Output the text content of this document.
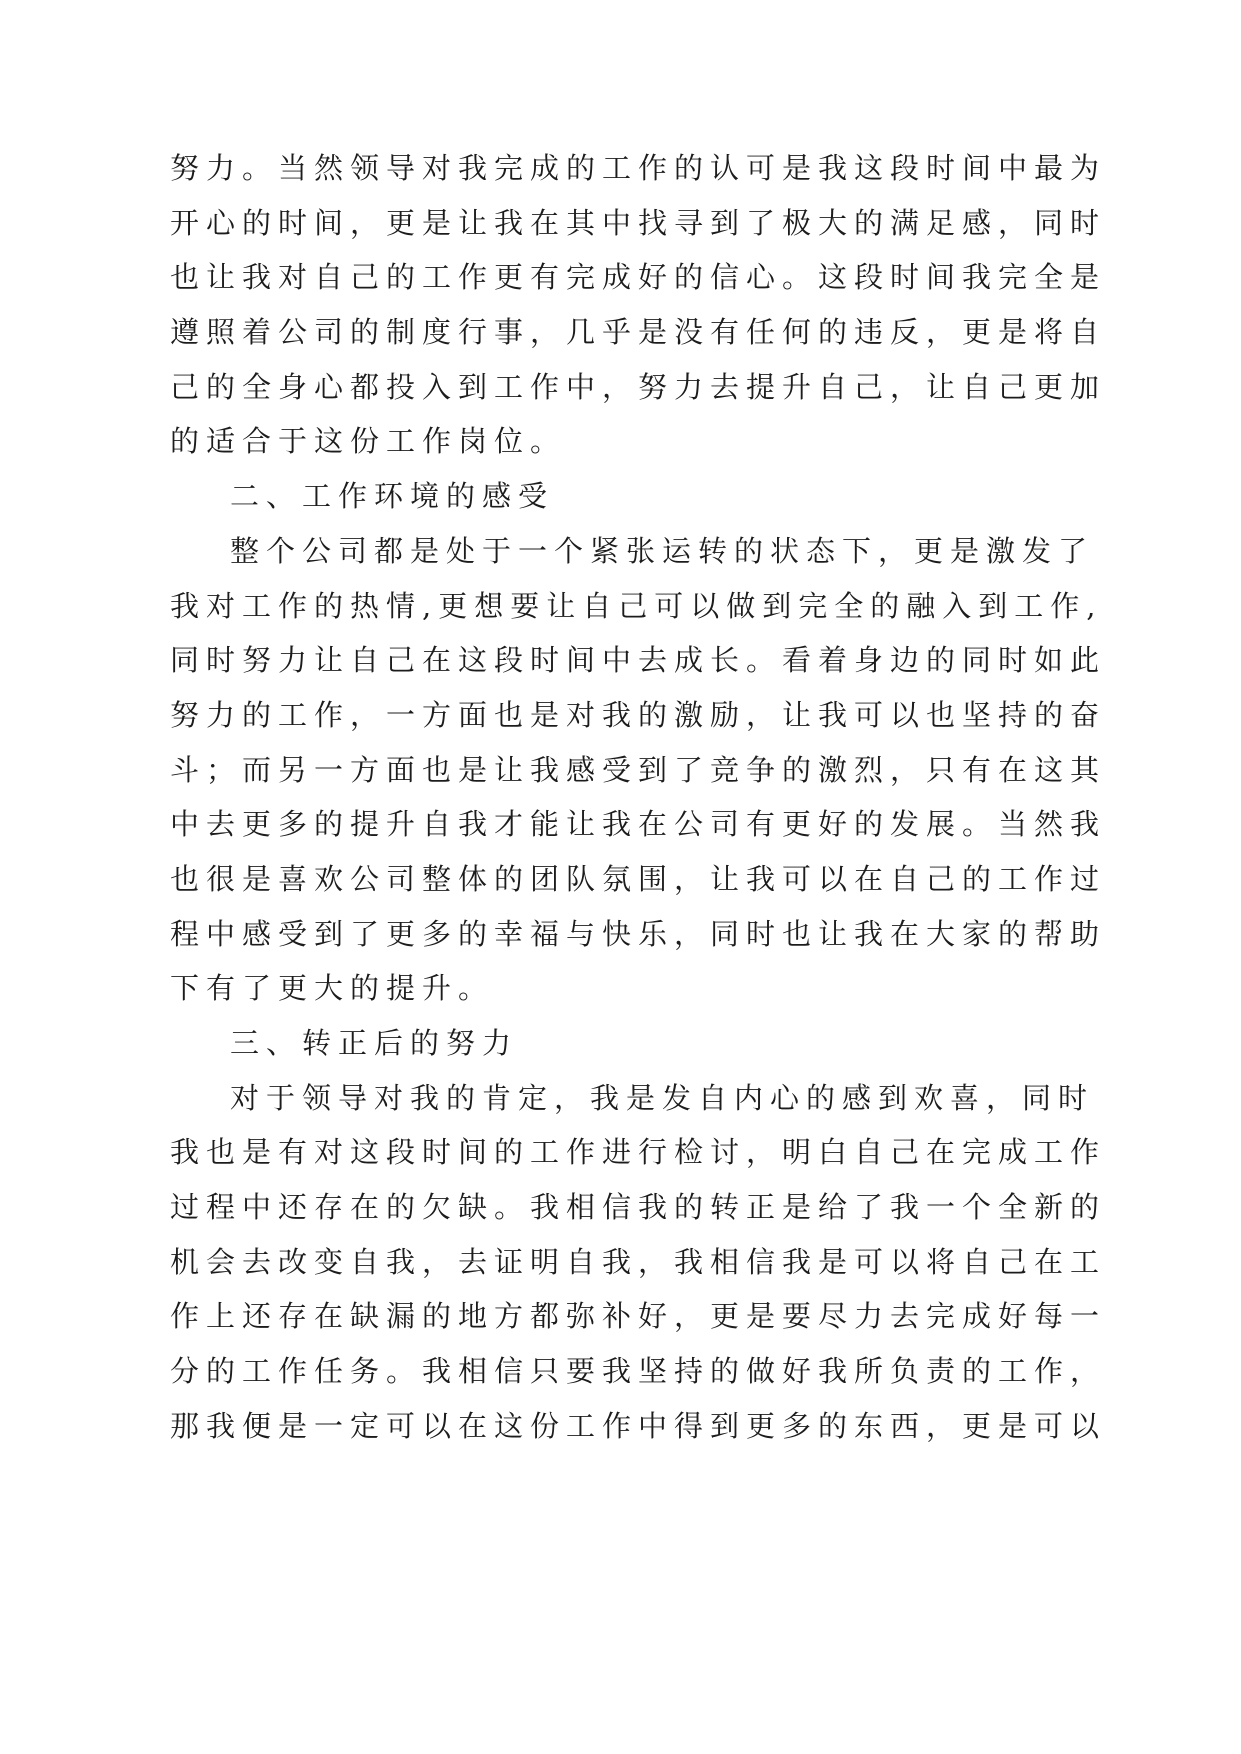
努力。当然领导对我完成的工作的认可是我这段时间中最为
开心的时间，更是让我在其中找寻到了极大的满足感，同时
也让我对自己的工作更有完成好的信心。这段时间我完全是
遵照着公司的制度行事，几乎是没有任何的违反，更是将自
己的全身心都投入到工作中，努力去提升自己，让自己更加
的适合于这份工作岗位。
二、工作环境的感受
整个公司都是处于一个紧张运转的状态下，更是激发了
我对工作的热情,更想要让自己可以做到完全的融入到工作,
同时努力让自己在这段时间中去成长。看着身边的同时如此
努力的工作，一方面也是对我的激励，让我可以也坚持的奋
斗；而另一方面也是让我感受到了竞争的激烈，只有在这其
中去更多的提升自我才能让我在公司有更好的发展。当然我
也很是喜欢公司整体的团队氛围，让我可以在自己的工作过
程中感受到了更多的幸福与快乐，同时也让我在大家的帮助
下有了更大的提升。
三、转正后的努力
对于领导对我的肯定，我是发自内心的感到欢喜，同时
我也是有对这段时间的工作进行检讨，明白自己在完成工作
过程中还存在的欠缺。我相信我的转正是给了我一个全新的
机会去改变自我，去证明自我，我相信我是可以将自己在工
作上还存在缺漏的地方都弥补好，更是要尽力去完成好每一
分的工作任务。我相信只要我坚持的做好我所负责的工作，
那我便是一定可以在这份工作中得到更多的东西，更是可以
